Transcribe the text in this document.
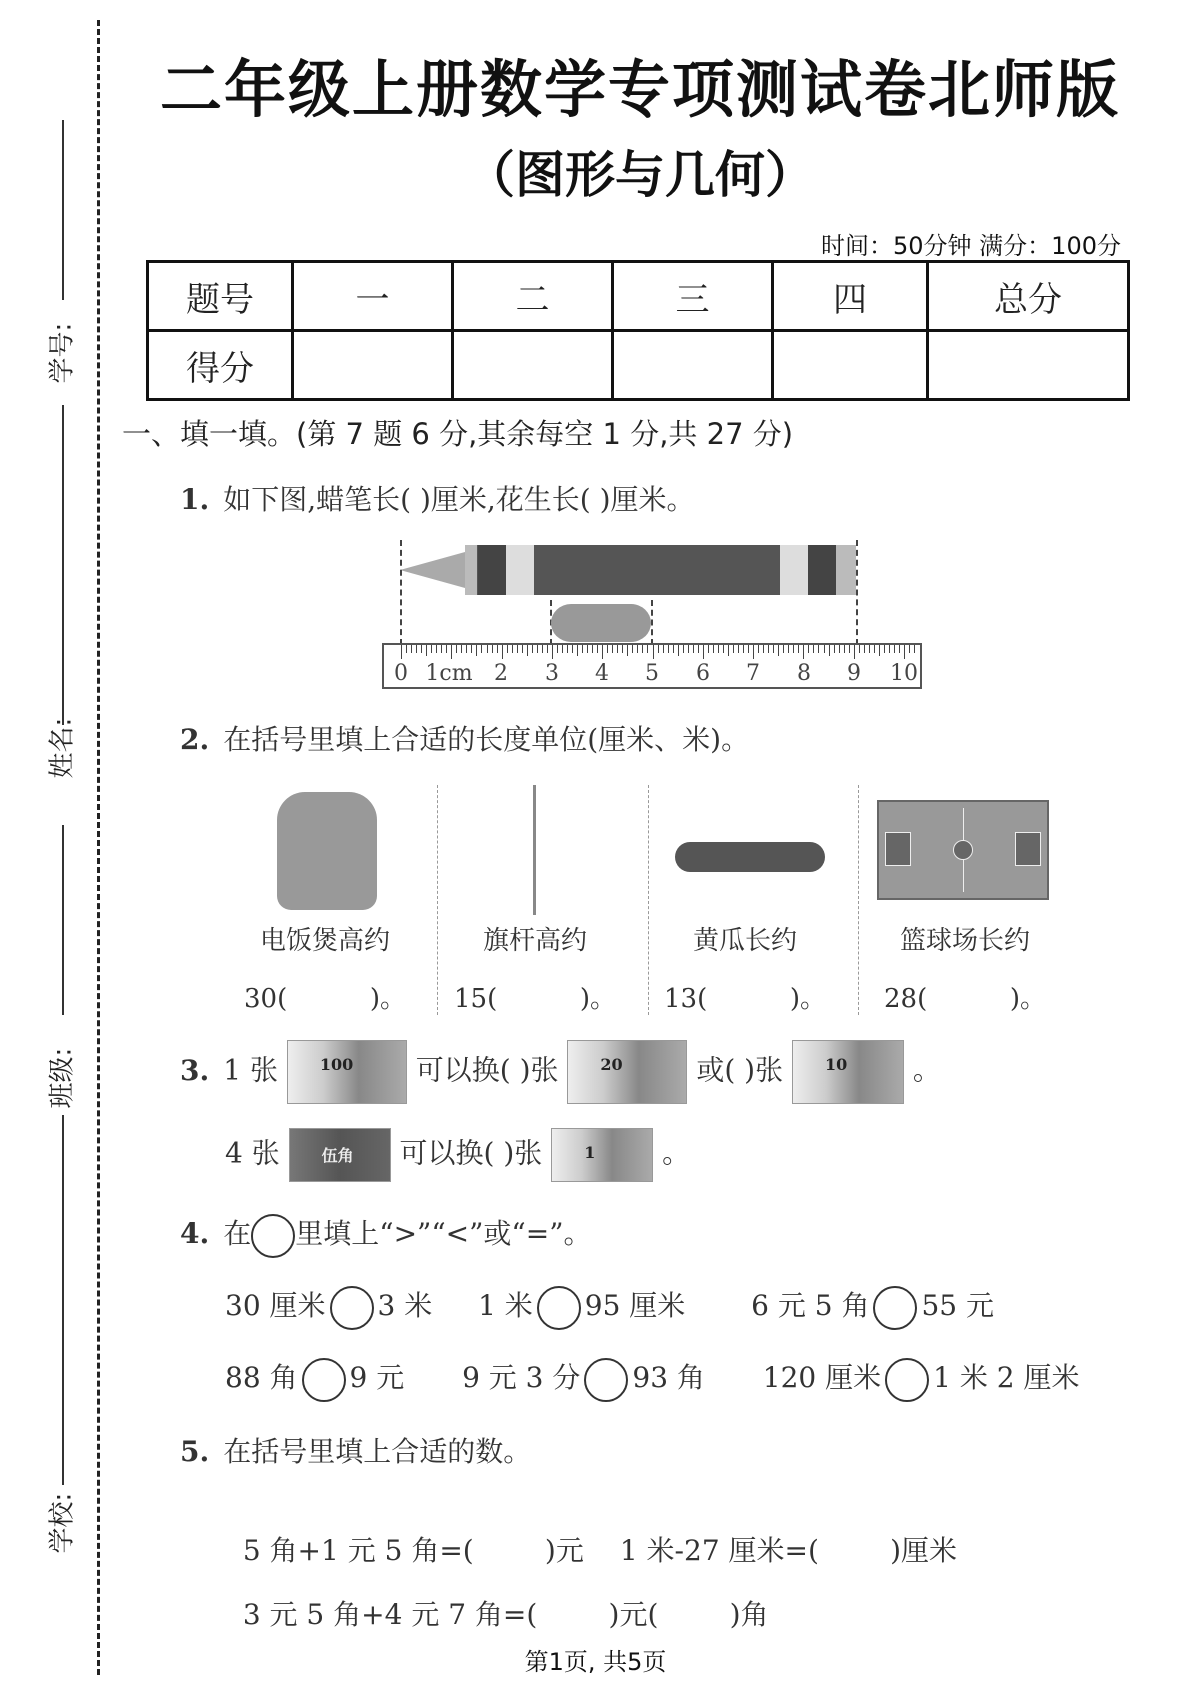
学号:
姓名:
班级:
学校:
二年级上册数学专项测试卷北师版
（图形与几何）
时间：50分钟 满分：100分
题号	一	二	三	四	总分
得分					
一、填一填。(第 7 题 6 分,其余每空 1 分,共 27 分)
1. 如下图,蜡笔长( )厘米,花生长( )厘米。
0 1cm 2 3 4 5 6 7 8 9 10
2. 在括号里填上合适的长度单位(厘米、米)。
电饭煲高约
30(          )。
旗杆高约
15(          )。
黄瓜长约
13(          )。
篮球场长约
28(          )。
3. 1 张	100 可以换( )张	20	或( )张	10 。
4 张	伍角 可以换( )张	1 。
4. 在 里填上“>”“<”或“=”。
30 厘米 3 米 1 米 95 厘米 6 元 5 角 55 元
88 角 9 元 9 元 3 分 93 角 120 厘米 1 米 2 厘米
5. 在括号里填上合适的数。

5 角+1 元 5 角=(        )元 1 米-27 厘米=(        )厘米

3 元 5 角+4 元 7 角=(        )元(        )角

第1页, 共5页
